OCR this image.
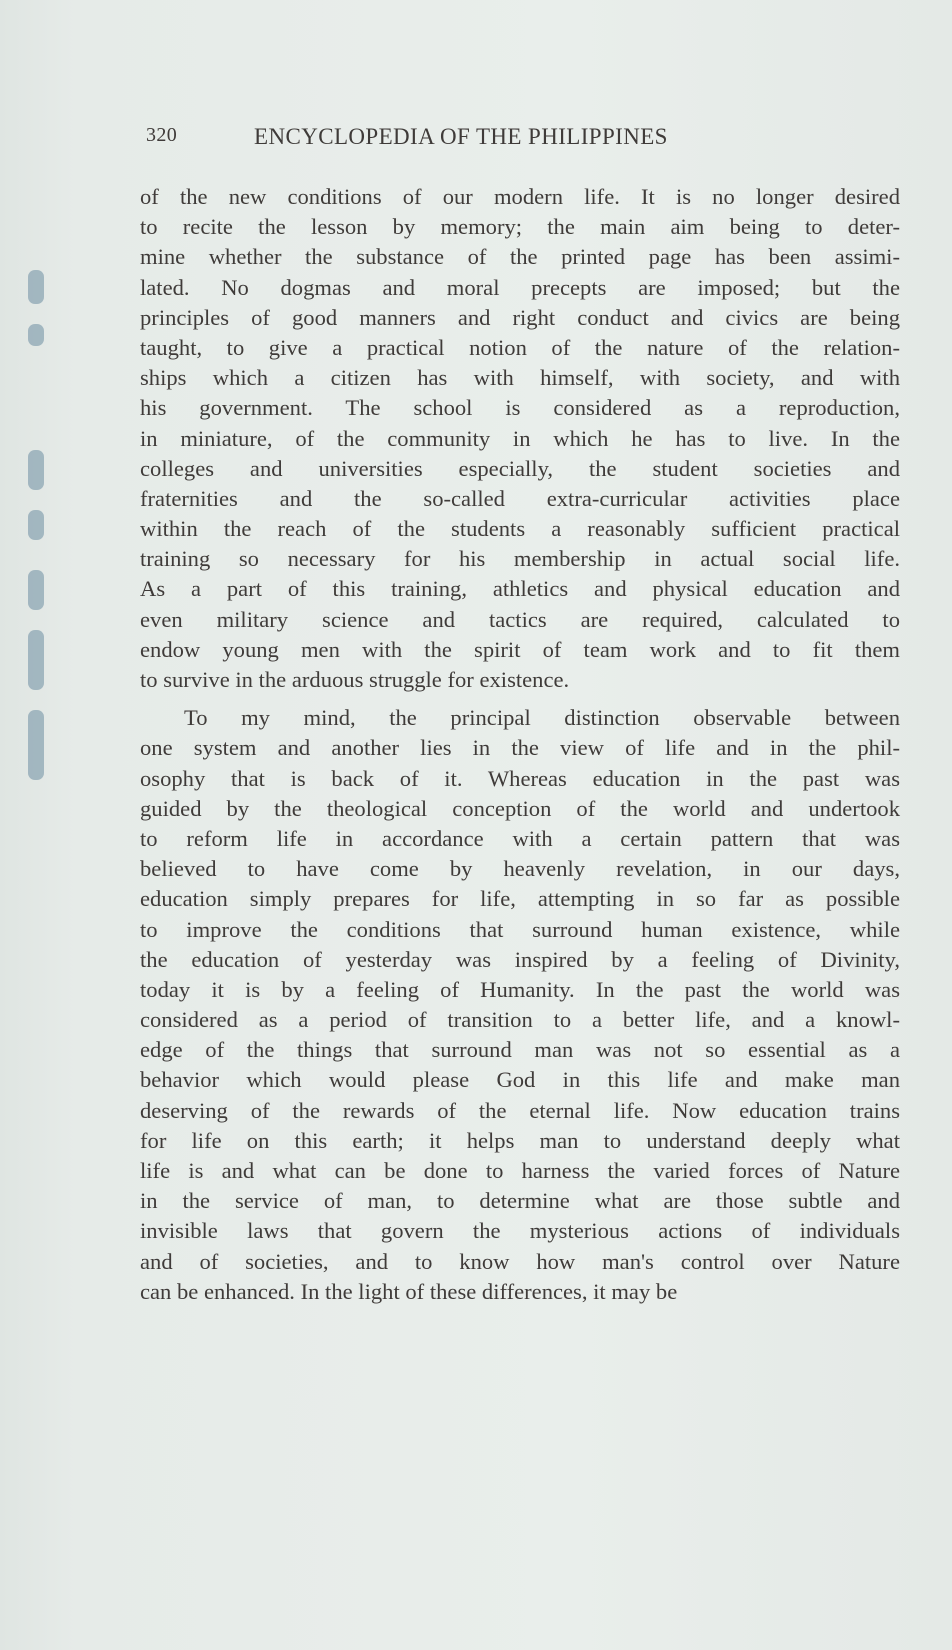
320	ENCYCLOPEDIA OF THE PHILIPPINES
of the new conditions of our modern life. It is no longer desired
to recite the lesson by memory; the main aim being to deter-
mine whether the substance of the printed page has been assimi-
lated. No dogmas and moral precepts are imposed; but the
principles of good manners and right conduct and civics are being
taught, to give a practical notion of the nature of the relation-
ships which a citizen has with himself, with society, and with
his government. The school is considered as a reproduction,
in miniature, of the community in which he has to live. In the
colleges and universities especially, the student societies and
fraternities and the so-called extra-curricular activities place
within the reach of the students a reasonably sufficient practical
training so necessary for his membership in actual social life.
As a part of this training, athletics and physical education and
even military science and tactics are required, calculated to
endow young men with the spirit of team work and to fit them
to survive in the arduous struggle for existence.
To my mind, the principal distinction observable between
one system and another lies in the view of life and in the phil-
osophy that is back of it. Whereas education in the past was
guided by the theological conception of the world and undertook
to reform life in accordance with a certain pattern that was
believed to have come by heavenly revelation, in our days,
education simply prepares for life, attempting in so far as possible
to improve the conditions that surround human existence, while
the education of yesterday was inspired by a feeling of Divinity,
today it is by a feeling of Humanity. In the past the world was
considered as a period of transition to a better life, and a knowl-
edge of the things that surround man was not so essential as a
behavior which would please God in this life and make man
deserving of the rewards of the eternal life. Now education trains
for life on this earth; it helps man to understand deeply what
life is and what can be done to harness the varied forces of Nature
in the service of man, to determine what are those subtle and
invisible laws that govern the mysterious actions of individuals
and of societies, and to know how man's control over Nature
can be enhanced. In the light of these differences, it may be
